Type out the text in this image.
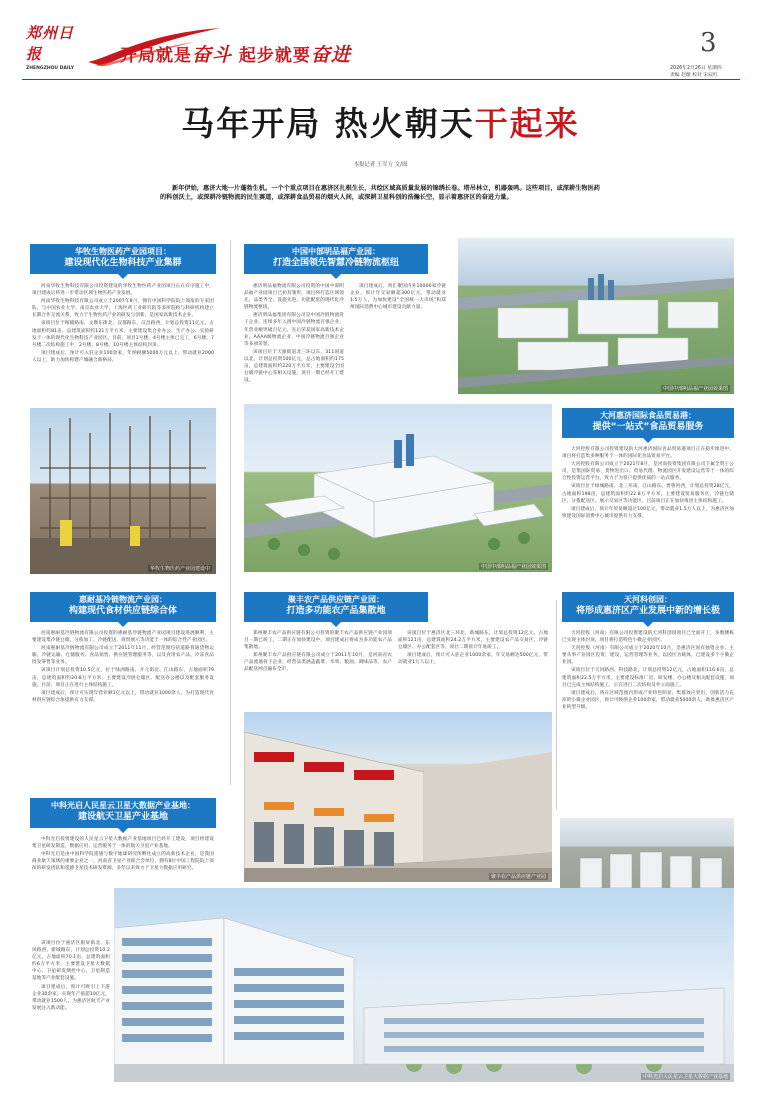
郑州日报
ZHENGZHOU DAILY
开局就是奋斗 起步就要奋进	3
2026年2月26日 星期四
责编 赵璇 校对 宋辰红
马年开局 热火朝天干起来
本报记者 王军方 文/图
新年伊始，惠济大地一片蓬勃生机。一个个重点项目在惠济区扎根生长，共绘区域高质量发展的锦绣长卷。塔吊林立，机器轰鸣。这些项目，或深耕生物医药的科创沃土，或深耕冷链物流的民生赛道，或深耕食品贸易的烟火人间，或深耕卫星科创的浩瀚长空，显示着惠济区的奋进力量。
华牧生物医药产业园项目：
建设现代化生物科技产业集群

河南华牧生物科技有限公司投资建设的华牧生物医药产业园项目正在有序施工中，项目建成后将进一步带动区域生物医药产业发展。

河南华牧生物科技有限公司成立于2007年8月，拥有中国科学院院士领衔的专家团队，与中国农业大学、南京农业大学、上海医药工业研究院等多所院校与科研机构建立长期合作交流关系，致力于生物医药产业的研发与创新，是国家高新技术企业。

该项目位于稼穑路南、文教东街北、汉都路东、汉昌路西，计划总投资11亿元，占地面积约81亩，总建筑面积约121万平方米，主要建设集合业办公、生产办公、实验研发于一体的现代化生物科技产业园区。目前，项目1号楼、4号楼主体已完工，6号楼、7号楼二次结构施工中，2号楼、8号楼、10号楼主体结构封顶。

项目建成后，预计可入驻企业100余家，年纳税额5000万元以上，带动就业2000人以上，助力加快构建产城融合新格局。

华牧生物医药产业园建设中
中国中部明品福产业园：
打造全国领先智慧冷链物流枢纽

惠济明品福物流有限公司投资的中国中部明品福产业园项目已初具雏形，项目将打造区域领先、品类齐全、设施先进、功能配套的现代化冷链物流枢纽。

惠济明品福集团有限公司是中国冷链物流骨干企业，连续多年入围中国冷链物流百强企业，年营业额突破百亿元，先后荣获国家高新技术企业、AAAA级物流企业、中国冷链物流百强企业等多项荣誉。

该项目位于天源街道北三环以东，311国道以北，计划总投资100亿元，总占地面积约175亩，总建筑面积约220万平方米，主要建设全国仓储冷链中心等相关设施，项目一期已经开工建设。

项目建成后，将汇聚国内外10000家冷链企业，预计年交易额超300亿元，带动就业1.5万人，为加快建设“全国统一大市场”和郑州国际消费中心城市建设贡献力量。

中国中部明品福产业园效果图
中国中部明品福产业园效果图
大河惠济国际食品贸易港：
提供“一站式”食品贸易服务

大河控股有限公司投资建设的大河惠济国际食品贸易港项目正在稳步推进中，项目将打造集多种服务于一体的国际化食品贸易平台。

大河控股有限公司成立于2021年8月，是河南投资集团有限公司下属全资子公司，是集国际贸易、货物进出口、贸易代理、物流园区开发建设运营等于一体的综合性投资运营平台，致力于为客户提供优质的一站式服务。

该项目位于绿城路南、北三环南、江山路东、贾鲁河西，计划总投资28亿元，占地面积198亩，总建筑面积约22.8万平方米，主要建设贸易服务区、冷链仓储区、分拨配送区、展示交易区等功能区，目前项目正在加快推进主体结构施工。

项目建成后，预计年贸易额超过100亿元，带动就业1.5万人以上，为惠济区加快建设国际消费中心城市提供有力支撑。

惠耐基冷链物流产业园：
构建现代食材供应链综合体

河南惠耐基冷链物流有限公司投资的惠耐基冷链物流产业园项目建设进展顺利，主要建设集冷链仓储、分拣加工、冷链配送、商贸展示等功能于一体的综合性产业园区。

河南惠耐基冷链物流有限公司成立于2011年11月，经营范围包括道路普通货物运输、冷链运输、仓储服务、食品销售、供应链管理服务等，以及食用农产品、冷冻食品批发零售等业务。

该项目计划总投资10.5亿元，位于绿洲路南、开元街北、江山路东，占地面积79亩，总建筑面积约20.8万平方米，主要建设冷链仓储区、配送办公楼以及配套服务设施。目前，项目正在进行主体结构施工。

项目建成后，预计可实现年营业额1亿元以上，带动就业1000余人，为打造现代食材供应链综合体提供有力支撑。

聚丰农产品供应链产业园：
打造多功能农产品集散地

郑州聚丰农产品供应链有限公司投资的聚丰农产品供应链产业园项目一期已竣工，二期正在加快建设中，项目建成后将成为多功能农产品集散地。

郑州聚丰农产品供应链有限公司成立于2011年10月，是河南省农产品流通骨干企业，经营品类涵盖蔬菜、水果、粮油、调味品等，农产品配送网点遍布全市。

该项目位于惠济区北三环北、新城路东，计划总投资12亿元，占地面积121亩，总建筑面积24.2万平方米，主要建设农产品交易区、冷链仓储区、办公配套区等，项目二期预计年底竣工。

项目建成后，预计可入驻企业1000余家，年交易额达500亿元，带动就业1万人以上。

聚丰农产品供应链产业园
天河科创园：
将形成惠济区产业发展中新的增长极

天河控股（河南）有限公司投资建设的天河科创园项目已全面开工，多数楼栋已实现主体封顶，项目将打造特色小微企业园区。

天河控股（河南）有限公司成立于2020年10月，是惠济区国有独资企业，主要从事产业园区投资、建设、运营管理等业务，以园区为载体，已建设多个小微企业园。

该项目位于天河路西、科技路北，计划总投资12亿元，占地面积116.6亩，总建筑面积22.5万平方米，主要建设标准厂房、研发楼、办公楼及相关配套设施，项目已完成主体结构施工，正在进行二次结构及外立面施工。

项目建成后，将在区域范围内形成产业特色明显、集群效应突出、创新活力充沛的小微企业园区，预计可吸纳企业100余家，带动就业5000余人，助推惠济区产业转型升级。

中科光启人民星云卫星大数据产业基地：
建设航天卫星产业基地

中科光启投资建设的人民星云卫星大数据产业基地项目已经开工建设，项目将建设集卫星研发制造、数据应用、运营服务于一体的航天卫星产业基地。

中科光启是由中国科学院遥感与数字地球研究所孵化成立的高新技术企业，是我国商业航天领域的重要企业之一，河南省卫星产业联合会单位，拥有8位中国工程院院士领衔的研发团队和遥感卫星技术研发资源，多年以来致力于卫星大数据应用研究。

该项目位于惠济区银屏街北、东风路西、新城路东，计划总投资10.2亿元，占地面积70.1亩，总建筑面积约6万平方米，主要建设卫星大数据中心、卫星研发测控中心、卫星制造基地等产业配套设施。

项目建成后，预计可吸引上下游企业30余家，实现年产值超10亿元，带动就业1500人，为惠济区航天产业发展注入新动能。

中科光启人民星云卫星大数据产业基地
